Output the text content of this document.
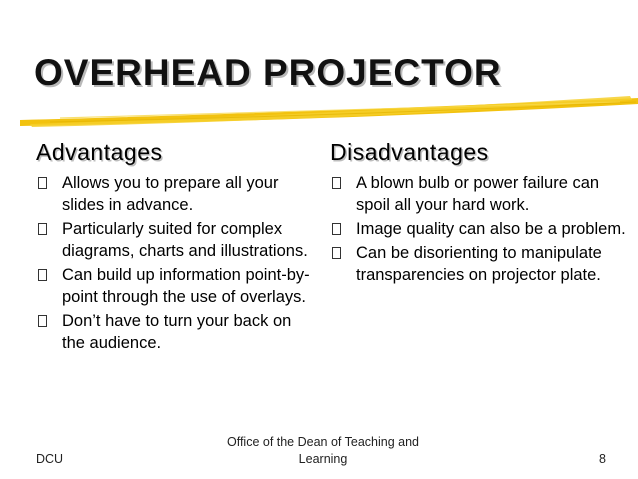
OVERHEAD PROJECTOR
Advantages
Allows you to prepare all your slides in advance.
Particularly suited for complex diagrams, charts and illustrations.
Can build up information point-by-point through the use of overlays.
Don’t have to turn your back on the audience.
Disadvantages
A blown bulb or power failure can spoil all your hard work.
Image quality can also be a problem.
Can be disorienting to manipulate transparencies on projector plate.
DCU
Office of the Dean of Teaching and Learning	8
